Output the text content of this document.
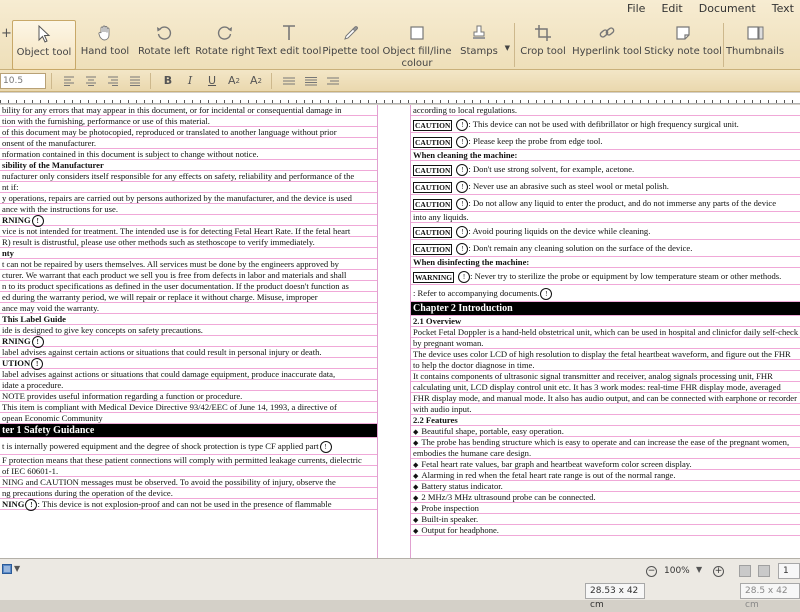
+
File Edit Document Text
Object tool Hand tool Rotate left Rotate right Text edit tool Pipette tool Object fill/line colour
Stamps ▼ Crop tool Hyperlink tool Sticky note tool Thumbnails
10.5	B	I	U	A 2 A 2
bility for any errors that may appear in this document, or for incidental or consequential damage in
tion with the furnishing, performance or use of this material.
of this document may be photocopied, reproduced or translated to another language without prior
onsent of the manufacturer.
nformation contained in this document is subject to change without notice.
sibility of the Manufacturer
nufacturer only considers itself responsible for any effects on safety, reliability and performance of the
nt if:
y operations, repairs are carried out by persons authorized by the manufacturer, and the device is used
ance with the instructions for use.
RNING !
vice is not intended for treatment. The intended use is for detecting Fetal Heart Rate. If the fetal heart
R) result is distrustful, please use other methods such as stethoscope to verify immediately.
nty
t can not be repaired by users themselves. All services must be done by the engineers approved by
cturer. We warrant that each product we sell you is free from defects in labor and materials and shall
n to its product specifications as defined in the user documentation. If the product doesn't function as
ed during the warranty period, we will repair or replace it without charge. Misuse, improper
ance may void the warranty.
This Label Guide
ide is designed to give key concepts on safety precautions.
RNING !
label advises against certain actions or situations that could result in personal injury or death.
UTION !
label advises against actions or situations that could damage equipment, produce inaccurate data,
idate a procedure.
NOTE provides useful information regarding a function or procedure.
This item is compliant with Medical Device Directive 93/42/EEC of June 14, 1993, a directive of
opean Economic Community
ter 1 Safety Guidance
t is internally powered equipment and the degree of shock protection is type CF applied part !
F protection means that these patient connections will comply with permitted leakage currents, dielectric
of IEC 60601-1.
NING and CAUTION messages must be observed. To avoid the possibility of injury, observe the
ng precautions during the operation of the device.
NING ! : This device is not explosion-proof and can not be used in the presence of flammable
according to local regulations.
CAUTION ! : This device can not be used with defibrillator or high frequency surgical unit.
CAUTION ! : Please keep the probe from edge tool.
When cleaning the machine:
CAUTION ! : Don't use strong solvent, for example, acetone.
CAUTION ! : Never use an abrasive such as steel wool or metal polish.
CAUTION ! : Do not allow any liquid to enter the product, and do not immerse any parts of the device
into any liquids.
CAUTION ! : Avoid pouring liquids on the device while cleaning.
CAUTION ! : Don't remain any cleaning solution on the surface of the device.
When disinfecting the machine:
WARNING ! : Never try to sterilize the probe or equipment by low temperature steam or other methods.
: Refer to accompanying documents. !
Chapter 2 Introduction
2.1 Overview
Pocket Fetal Doppler is a hand-held obstetrical unit, which can be used in hospital and clinicfor daily self-check
by pregnant woman.
The device uses color LCD of high resolution to display the fetal heartbeat waveform, and figure out the FHR
to help the doctor diagnose in time.
It contains components of ultrasonic signal transmitter and receiver, analog signals processing unit, FHR
calculating unit, LCD display control unit etc. It has 3 work modes: real-time FHR display mode, averaged
FHR display mode, and manual mode. It also has audio output, and can be connected with earphone or recorder
with audio input.
2.2 Features
◆ Beautiful shape, portable, easy operation.
◆ The probe has bending structure which is easy to operate and can increase the ease of the pregnant women,
embodies the humane care design.
◆ Fetal heart rate values, bar graph and heartbeat waveform color screen display.
◆ Alarming in red when the fetal heart rate range is out of the normal range.
◆ Battery status indicator.
◆ 2 MHz/3 MHz ultrasound probe can be connected.
◆ Probe inspection
◆ Built-in speaker.
◆ Output for headphone.
▼	− 100% ▼ +	1
28.53 x 42 cm
28.5 x 42 cm
